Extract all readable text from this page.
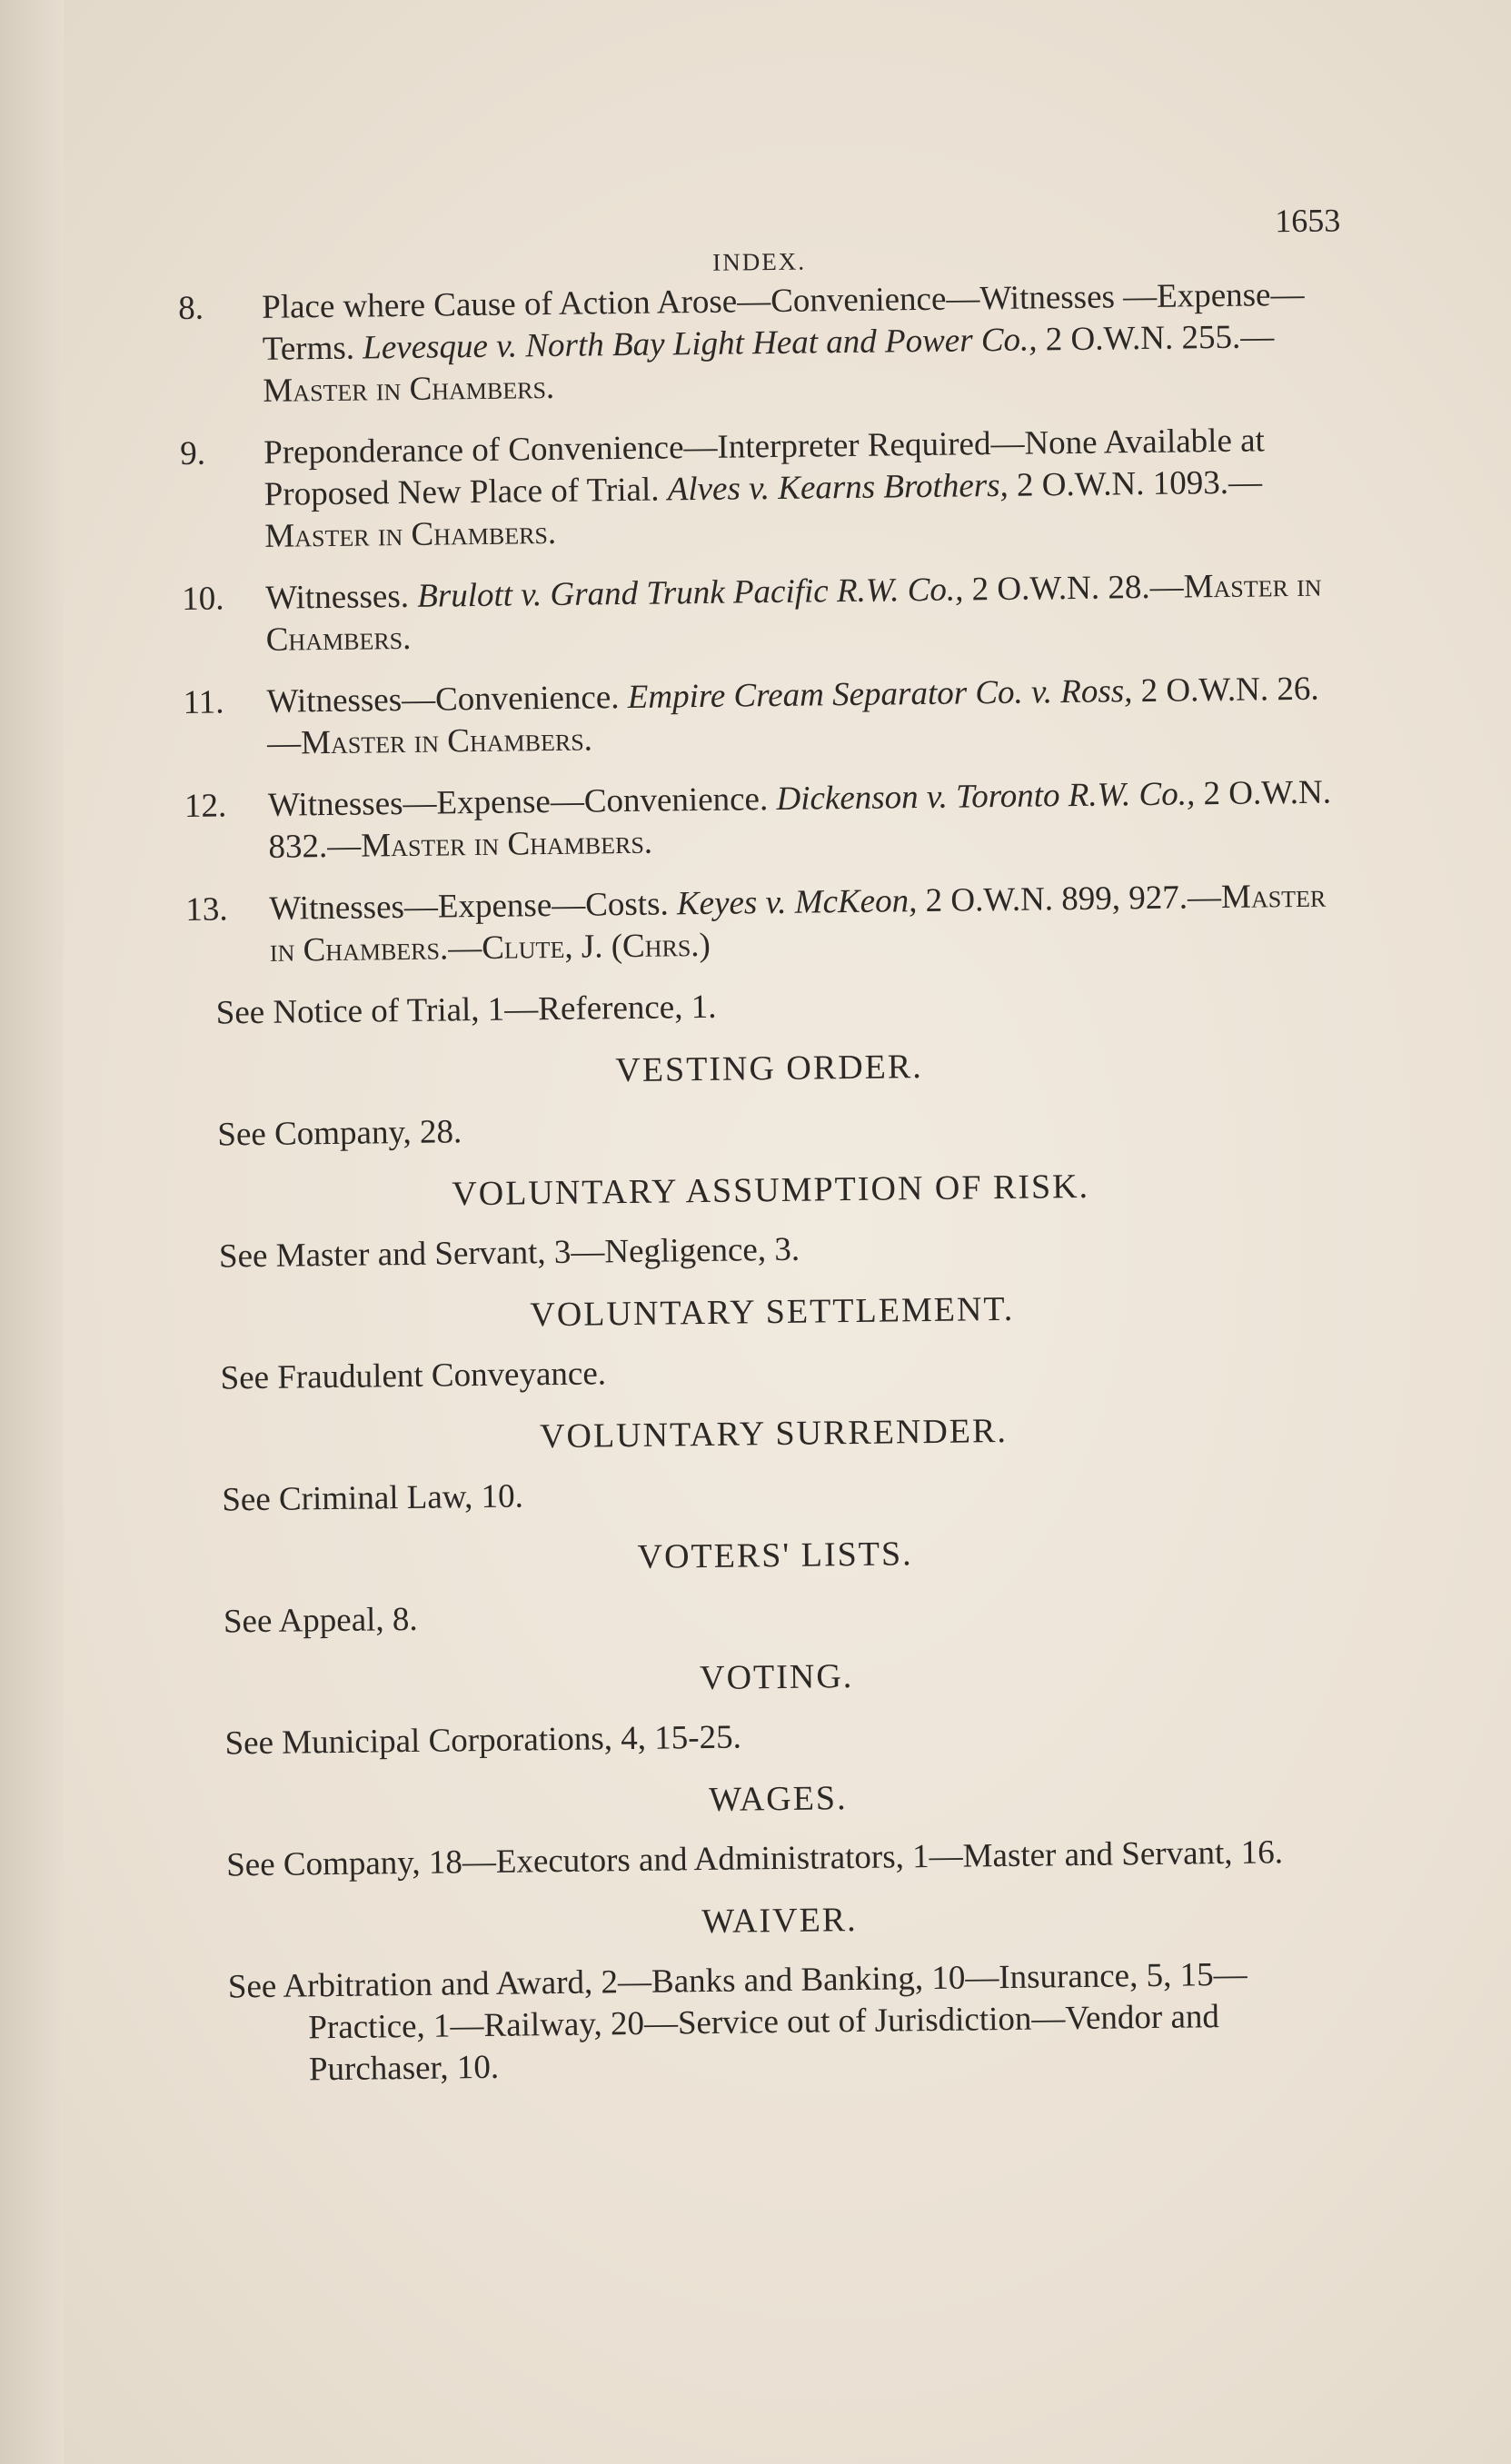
INDEX.
1653
8.	Place where Cause of Action Arose—Convenience—Witnesses —Expense—Terms. Levesque v. North Bay Light Heat and Power Co., 2 O.W.N. 255.—Master in Chambers.
9.	Preponderance of Convenience—Interpreter Required—None Available at Proposed New Place of Trial. Alves v. Kearns Brothers, 2 O.W.N. 1093.—Master in Chambers.
10.	Witnesses. Brulott v. Grand Trunk Pacific R.W. Co., 2 O.W.N. 28.—Master in Chambers.
11.	Witnesses—Convenience. Empire Cream Separator Co. v. Ross, 2 O.W.N. 26.—Master in Chambers.
12.	Witnesses—Expense—Convenience. Dickenson v. Toronto R.W. Co., 2 O.W.N. 832.—Master in Chambers.
13.	Witnesses—Expense—Costs. Keyes v. McKeon, 2 O.W.N. 899, 927.—Master in Chambers.—Clute, J. (Chrs.)
See Notice of Trial, 1—Reference, 1.
VESTING ORDER.
See Company, 28.
VOLUNTARY ASSUMPTION OF RISK.
See Master and Servant, 3—Negligence, 3.
VOLUNTARY SETTLEMENT.
See Fraudulent Conveyance.
VOLUNTARY SURRENDER.
See Criminal Law, 10.
VOTERS' LISTS.
See Appeal, 8.
VOTING.
See Municipal Corporations, 4, 15-25.
WAGES.
See Company, 18—Executors and Administrators, 1—Master and Servant, 16.
WAIVER.
See Arbitration and Award, 2—Banks and Banking, 10—Insurance, 5, 15—Practice, 1—Railway, 20—Service out of Jurisdiction—Vendor and Purchaser, 10.
